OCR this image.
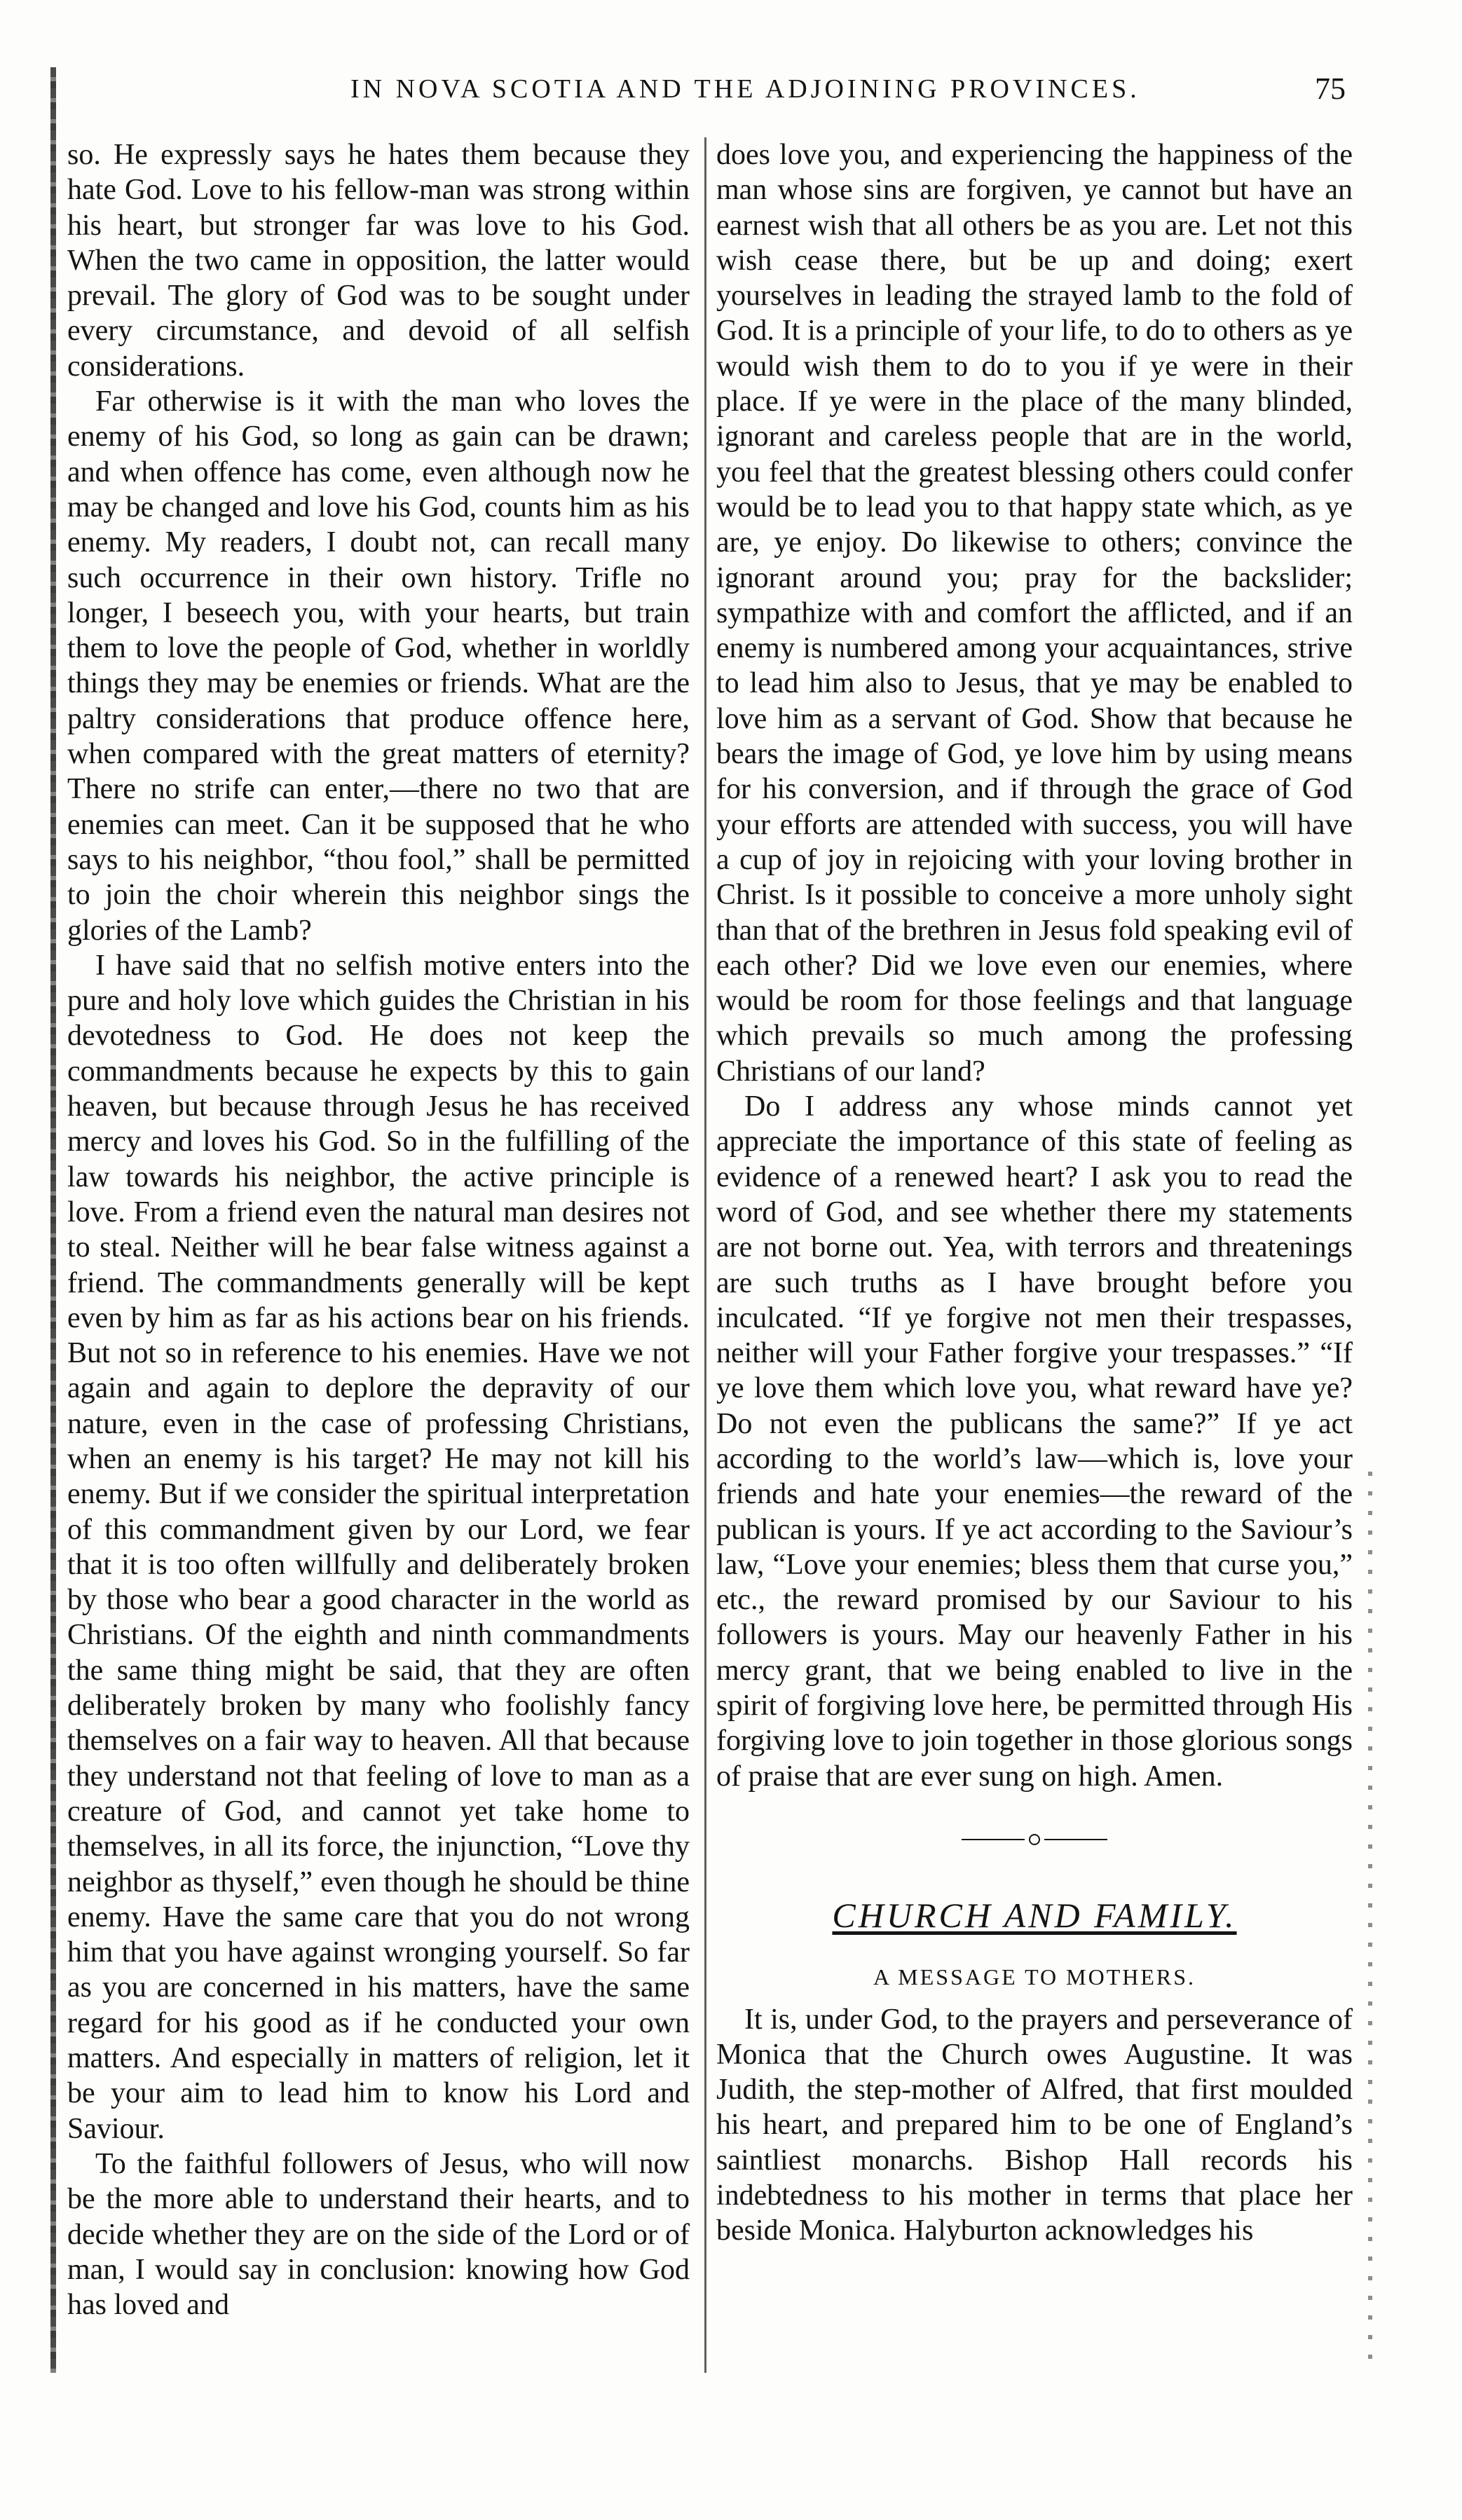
IN NOVA SCOTIA AND THE ADJOINING PROVINCES.	75

so. He expressly says he hates them because they hate God. Love to his fellow-man was strong within his heart, but stronger far was love to his God. When the two came in opposition, the latter would prevail. The glory of God was to be sought under every circumstance, and devoid of all selfish considerations.

Far otherwise is it with the man who loves the enemy of his God, so long as gain can be drawn; and when offence has come, even although now he may be changed and love his God, counts him as his enemy. My readers, I doubt not, can recall many such occurrence in their own history. Trifle no longer, I beseech you, with your hearts, but train them to love the people of God, whether in worldly things they may be enemies or friends. What are the paltry considerations that produce offence here, when compared with the great matters of eternity? There no strife can enter,—there no two that are enemies can meet. Can it be supposed that he who says to his neighbor, “thou fool,” shall be permitted to join the choir wherein this neighbor sings the glories of the Lamb?

I have said that no selfish motive enters into the pure and holy love which guides the Christian in his devotedness to God. He does not keep the commandments because he expects by this to gain heaven, but because through Jesus he has received mercy and loves his God. So in the fulfilling of the law towards his neighbor, the active principle is love. From a friend even the natural man desires not to steal. Neither will he bear false witness against a friend. The commandments generally will be kept even by him as far as his actions bear on his friends. But not so in reference to his enemies. Have we not again and again to deplore the depravity of our nature, even in the case of professing Christians, when an enemy is his target? He may not kill his enemy. But if we consider the spiritual interpretation of this commandment given by our Lord, we fear that it is too often willfully and deliberately broken by those who bear a good character in the world as Christians. Of the eighth and ninth commandments the same thing might be said, that they are often deliberately broken by many who foolishly fancy themselves on a fair way to heaven. All that because they understand not that feeling of love to man as a creature of God, and cannot yet take home to themselves, in all its force, the injunction, “Love thy neighbor as thyself,” even though he should be thine enemy. Have the same care that you do not wrong him that you have against wronging yourself. So far as you are concerned in his matters, have the same regard for his good as if he conducted your own matters. And especially in matters of religion, let it be your aim to lead him to know his Lord and Saviour.

To the faithful followers of Jesus, who will now be the more able to understand their hearts, and to decide whether they are on the side of the Lord or of man, I would say in conclusion: knowing how God has loved and

does love you, and experiencing the happiness of the man whose sins are forgiven, ye cannot but have an earnest wish that all others be as you are. Let not this wish cease there, but be up and doing; exert yourselves in leading the strayed lamb to the fold of God. It is a principle of your life, to do to others as ye would wish them to do to you if ye were in their place. If ye were in the place of the many blinded, ignorant and careless people that are in the world, you feel that the greatest blessing others could confer would be to lead you to that happy state which, as ye are, ye enjoy. Do likewise to others; convince the ignorant around you; pray for the backslider; sympathize with and comfort the afflicted, and if an enemy is numbered among your acquaintances, strive to lead him also to Jesus, that ye may be enabled to love him as a servant of God. Show that because he bears the image of God, ye love him by using means for his conversion, and if through the grace of God your efforts are attended with success, you will have a cup of joy in rejoicing with your loving brother in Christ. Is it possible to conceive a more unholy sight than that of the brethren in Jesus fold speaking evil of each other? Did we love even our enemies, where would be room for those feelings and that language which prevails so much among the professing Christians of our land?

Do I address any whose minds cannot yet appreciate the importance of this state of feeling as evidence of a renewed heart? I ask you to read the word of God, and see whether there my statements are not borne out. Yea, with terrors and threatenings are such truths as I have brought before you inculcated. “If ye forgive not men their trespasses, neither will your Father forgive your trespasses.” “If ye love them which love you, what reward have ye? Do not even the publicans the same?” If ye act according to the world’s law—which is, love your friends and hate your enemies—the reward of the publican is yours. If ye act according to the Saviour’s law, “Love your enemies; bless them that curse you,” etc., the reward promised by our Saviour to his followers is yours. May our heavenly Father in his mercy grant, that we being enabled to live in the spirit of forgiving love here, be permitted through His forgiving love to join together in those glorious songs of praise that are ever sung on high. Amen.

CHURCH AND FAMILY.
A MESSAGE TO MOTHERS.

It is, under God, to the prayers and perseverance of Monica that the Church owes Augustine. It was Judith, the step-mother of Alfred, that first moulded his heart, and prepared him to be one of England’s saintliest monarchs. Bishop Hall records his indebtedness to his mother in terms that place her beside Monica. Halyburton acknowledges his
